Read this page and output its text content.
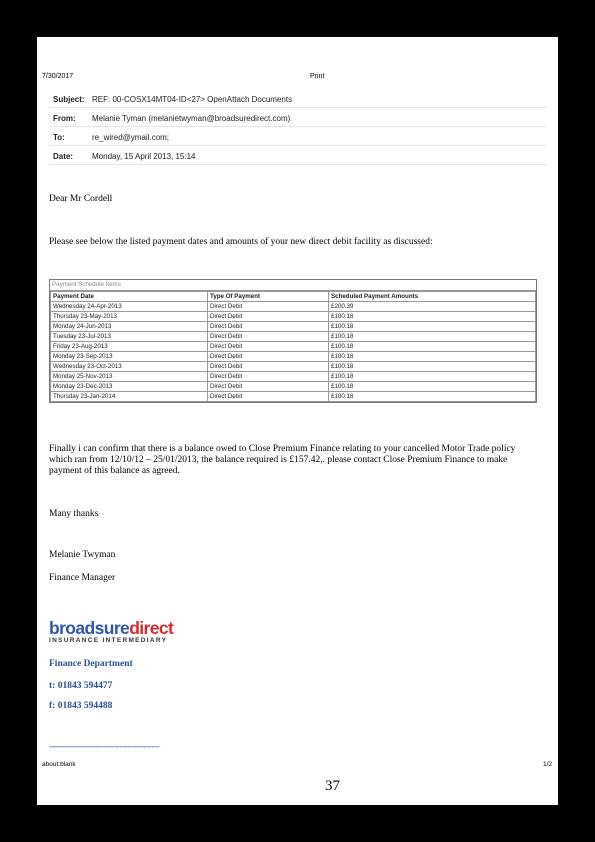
7/30/2017	Print
Subject: REF: 00-COSX14MT04-ID<27> OpenAttach Documents
From: Melanie Tyman (melanietwyman@broadsuredirect.com)
To:	re_wired@ymail.com;
Date: Monday, 15 April 2013, 15:14
Dear Mr Cordell
Please see below the listed payment dates and amounts of your new direct debit facility as discussed:
Payment Schedule Items
Payment Date	Type Of Payment	Scheduled Payment Amounts
Wednesday 24-Apr-2013	Direct Debit	£200.39
Thursday 23-May-2013	Direct Debit	£100.18
Monday 24-Jun-2013	Direct Debit	£100.18
Tuesday 23-Jul-2013	Direct Debit	£100.18
Friday 23-Aug-2013	Direct Debit	£100.18
Monday 23-Sep-2013	Direct Debit	£100.18
Wednesday 23-Oct-2013	Direct Debit	£100.18
Monday 25-Nov-2013	Direct Debit	£100.18
Monday 23-Dec-2013	Direct Debit	£100.18
Thursday 23-Jan-2014	Direct Debit	£100.18
Finally i can confirm that there is a balance owed to Close Premium Finance relating to your cancelled Motor Trade policy which ran from 12/10/12 – 25/01/2013, the balance required is £157.42,. please contact Close Premium Finance to make payment of this balance as agreed.
Many thanks
Melanie Twyman
Finance Manager
broadsuredirect
INSURANCE INTERMEDIARY
Finance Department
t: 01843 594477
f: 01843 594488
-----------------------------------------
about:blank	1/2
37
